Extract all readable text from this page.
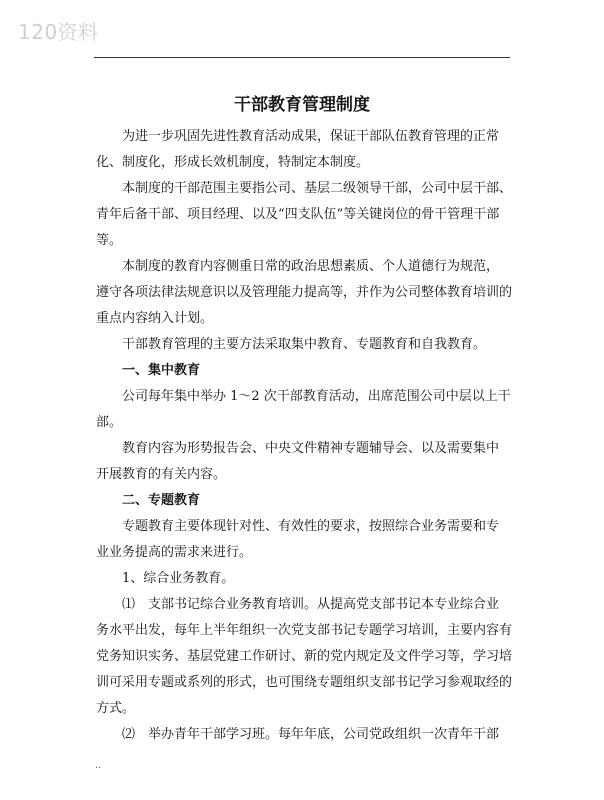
120资料
干部教育管理制度
为进一步巩固先进性教育活动成果，保证干部队伍教育管理的正常
化、制度化，形成长效机制度，特制定本制度。
本制度的干部范围主要指公司、基层二级领导干部，公司中层干部、
青年后备干部、项目经理、以及“四支队伍”等关键岗位的骨干管理干部
等。
本制度的教育内容侧重日常的政治思想素质、个人道德行为规范，
遵守各项法律法规意识以及管理能力提高等，并作为公司整体教育培训的
重点内容纳入计划。
干部教育管理的主要方法采取集中教育、专题教育和自我教育。
一、集中教育
公司每年集中举办 1～2 次干部教育活动，出席范围公司中层以上干
部。
教育内容为形势报告会、中央文件精神专题辅导会、以及需要集中
开展教育的有关内容。
二、专题教育
专题教育主要体现针对性、有效性的要求，按照综合业务需要和专
业业务提高的需求来进行。
1、综合业务教育。
⑴　支部书记综合业务教育培训。从提高党支部书记本专业综合业
务水平出发，每年上半年组织一次党支部书记专题学习培训，主要内容有
党务知识实务、基层党建工作研讨、新的党内规定及文件学习等，学习培
训可采用专题或系列的形式，也可围绕专题组织支部书记学习参观取经的
方式。
⑵　举办青年干部学习班。每年年底，公司党政组织一次青年干部
..
